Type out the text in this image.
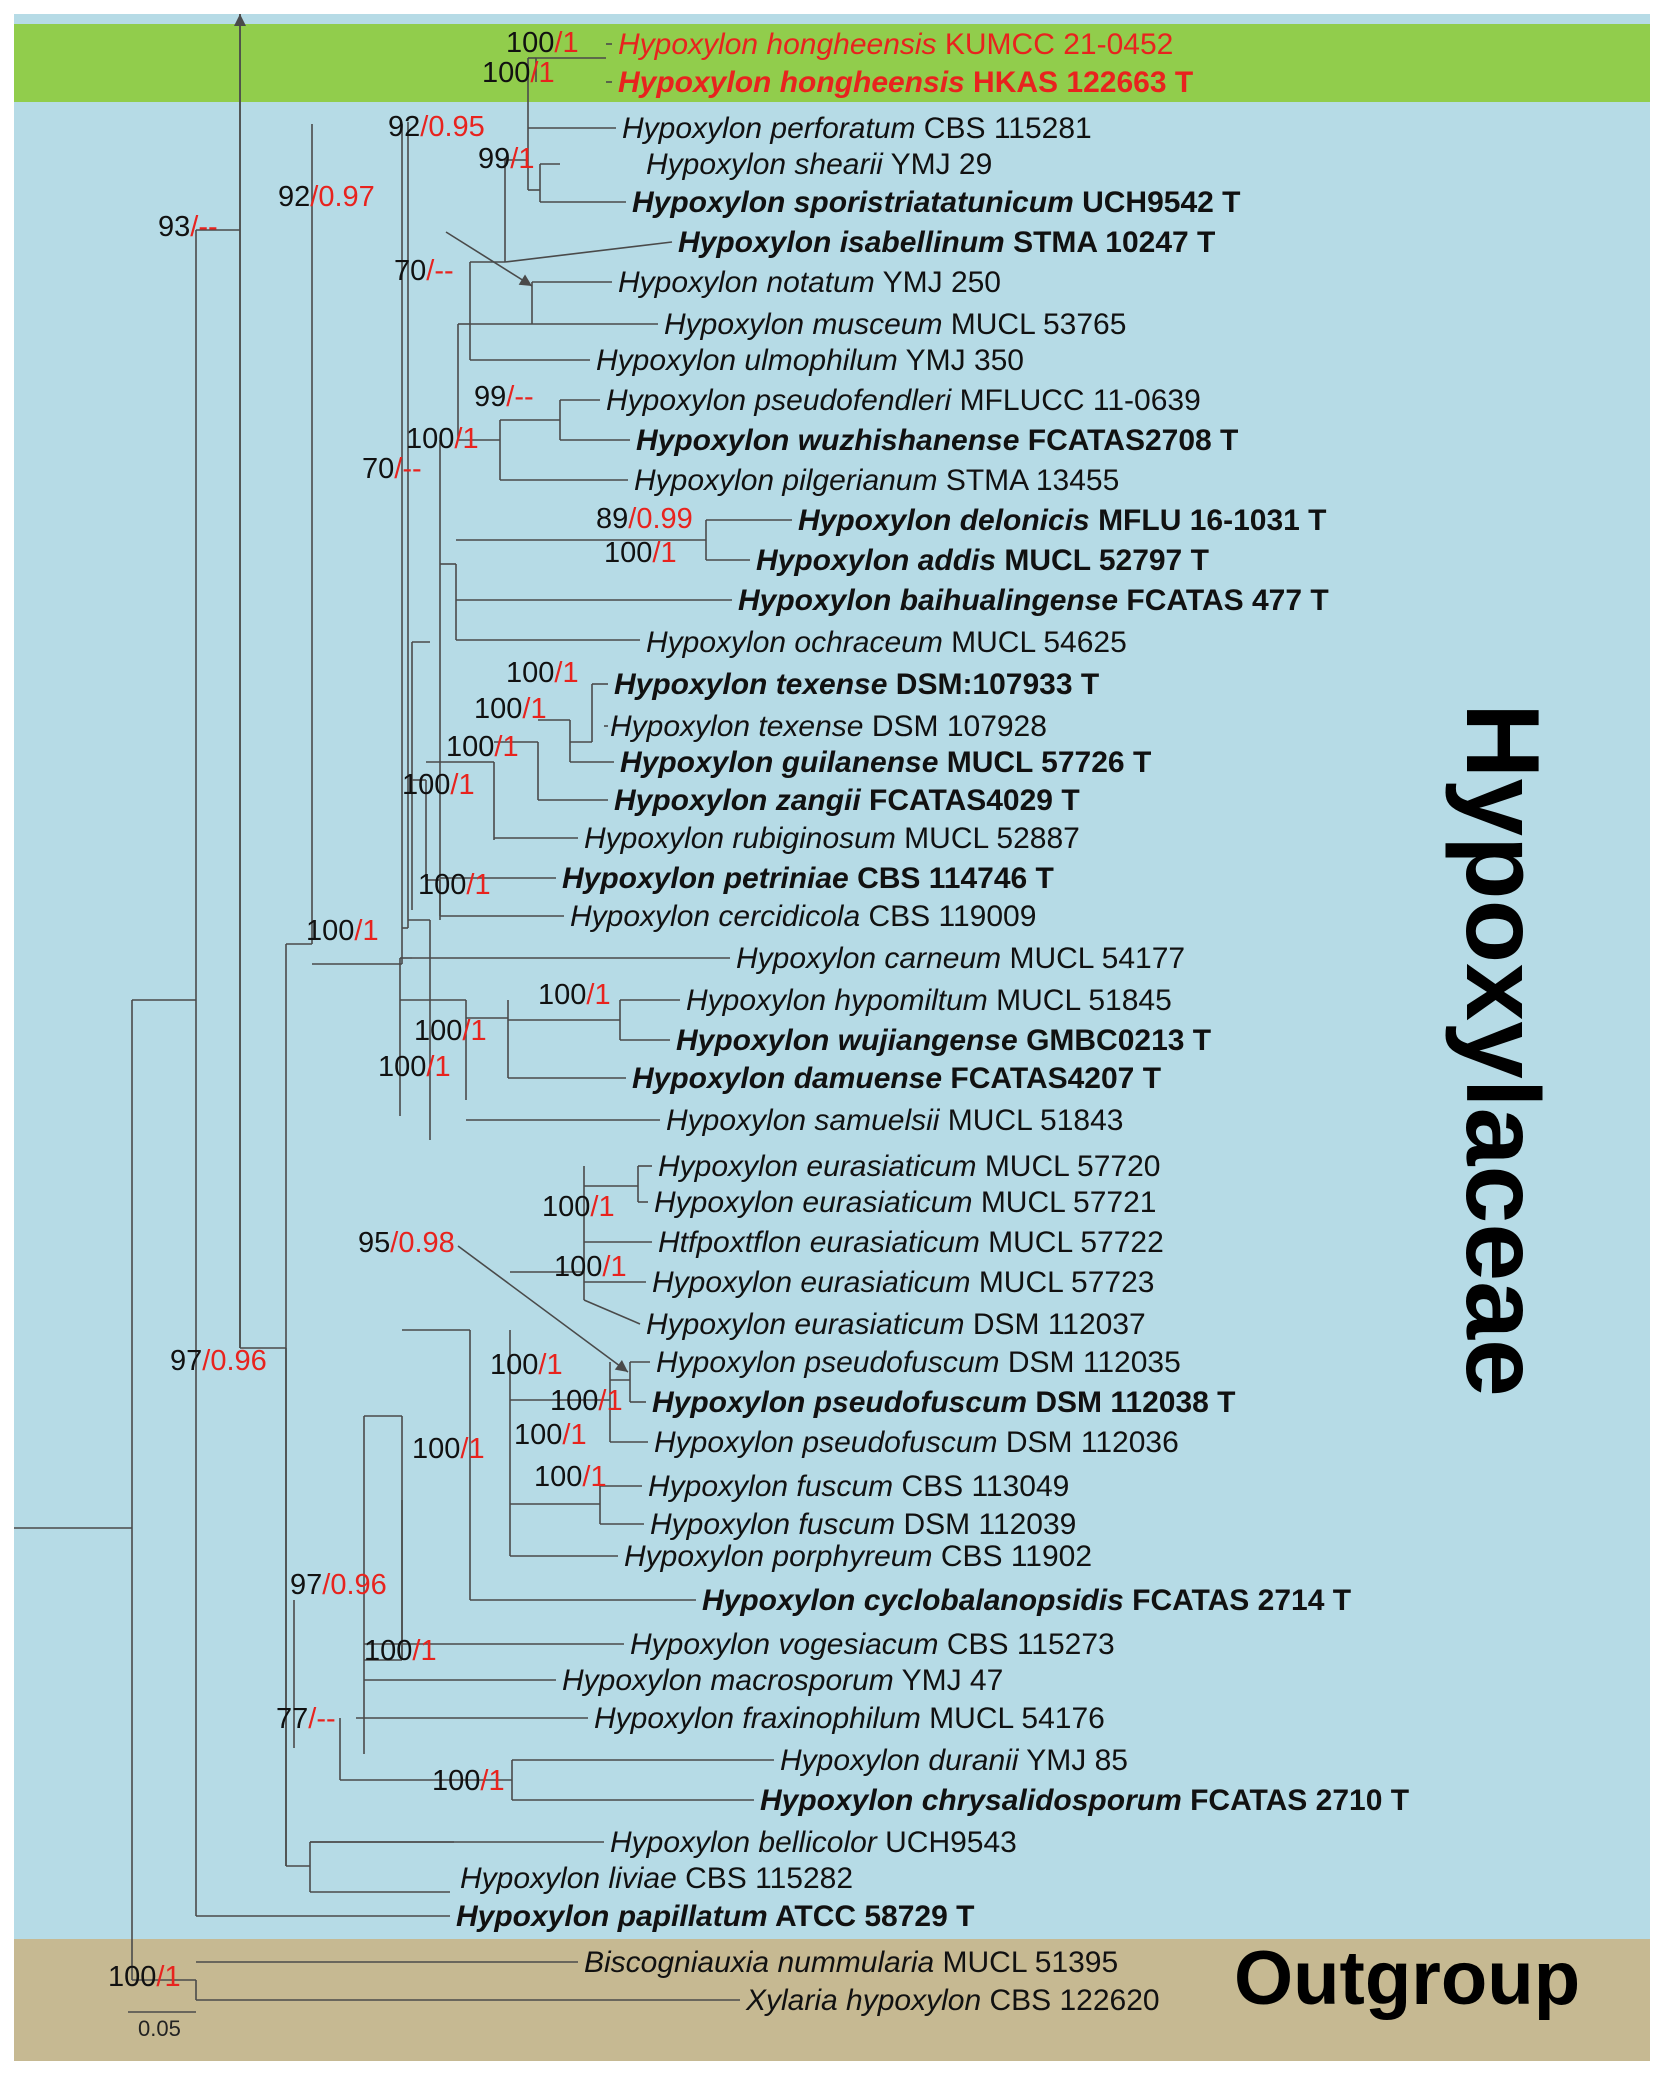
Hypoxylon hongheensis KUMCC 21-0452
Hypoxylon hongheensis HKAS 122663 T
Hypoxylon perforatum CBS 115281
Hypoxylon shearii YMJ 29
Hypoxylon sporistriatatunicum UCH9542 T
Hypoxylon isabellinum STMA 10247 T
Hypoxylon notatum YMJ 250
Hypoxylon musceum MUCL 53765
Hypoxylon ulmophilum YMJ 350
Hypoxylon pseudofendleri MFLUCC 11-0639
Hypoxylon wuzhishanense FCATAS2708 T
Hypoxylon pilgerianum STMA 13455
Hypoxylon delonicis MFLU 16-1031 T
Hypoxylon addis MUCL 52797 T
Hypoxylon baihualingense FCATAS 477 T
Hypoxylon ochraceum MUCL 54625
Hypoxylon texense DSM:107933 T
Hypoxylon texense DSM 107928
Hypoxylon guilanense MUCL 57726 T
Hypoxylon zangii FCATAS4029 T
Hypoxylon rubiginosum MUCL 52887
Hypoxylon petriniae CBS 114746 T
Hypoxylon cercidicola CBS 119009
Hypoxylon carneum MUCL 54177
Hypoxylon hypomiltum MUCL 51845
Hypoxylon wujiangense GMBC0213 T
Hypoxylon damuense FCATAS4207 T
Hypoxylon samuelsii MUCL 51843
Hypoxylon eurasiaticum MUCL 57720
Hypoxylon eurasiaticum MUCL 57721
Htfpoxtflon eurasiaticum MUCL 57722
Hypoxylon eurasiaticum MUCL 57723
Hypoxylon eurasiaticum DSM 112037
Hypoxylon pseudofuscum DSM 112035
Hypoxylon pseudofuscum DSM 112038 T
Hypoxylon pseudofuscum DSM 112036
Hypoxylon fuscum CBS 113049
Hypoxylon fuscum DSM 112039
Hypoxylon porphyreum CBS 11902
Hypoxylon cyclobalanopsidis FCATAS 2714 T
Hypoxylon vogesiacum CBS 115273
Hypoxylon macrosporum YMJ 47
Hypoxylon fraxinophilum MUCL 54176
Hypoxylon duranii YMJ 85
Hypoxylon chrysalidosporum FCATAS 2710 T
Hypoxylon bellicolor UCH9543
Hypoxylon liviae CBS 115282
Hypoxylon papillatum ATCC 58729 T
Biscogniauxia nummularia MUCL 51395
Xylaria hypoxylon CBS 122620
100/1
100/1
92/0.95
99/1
92/0.97
93/--
70/--
99/--
100/1
70/--
89/0.99
100/1
100/1
100/1
100/1
100/1
100/1
100/1
100/1
100/1
100/1
100/1
95/0.98
100/1
97/0.96	100/1
100/1
100/1
100/1
100/1
97/0.96
100/1
77/--
100/1
100/1
Hypoxylaceae
Outgroup
0.05
